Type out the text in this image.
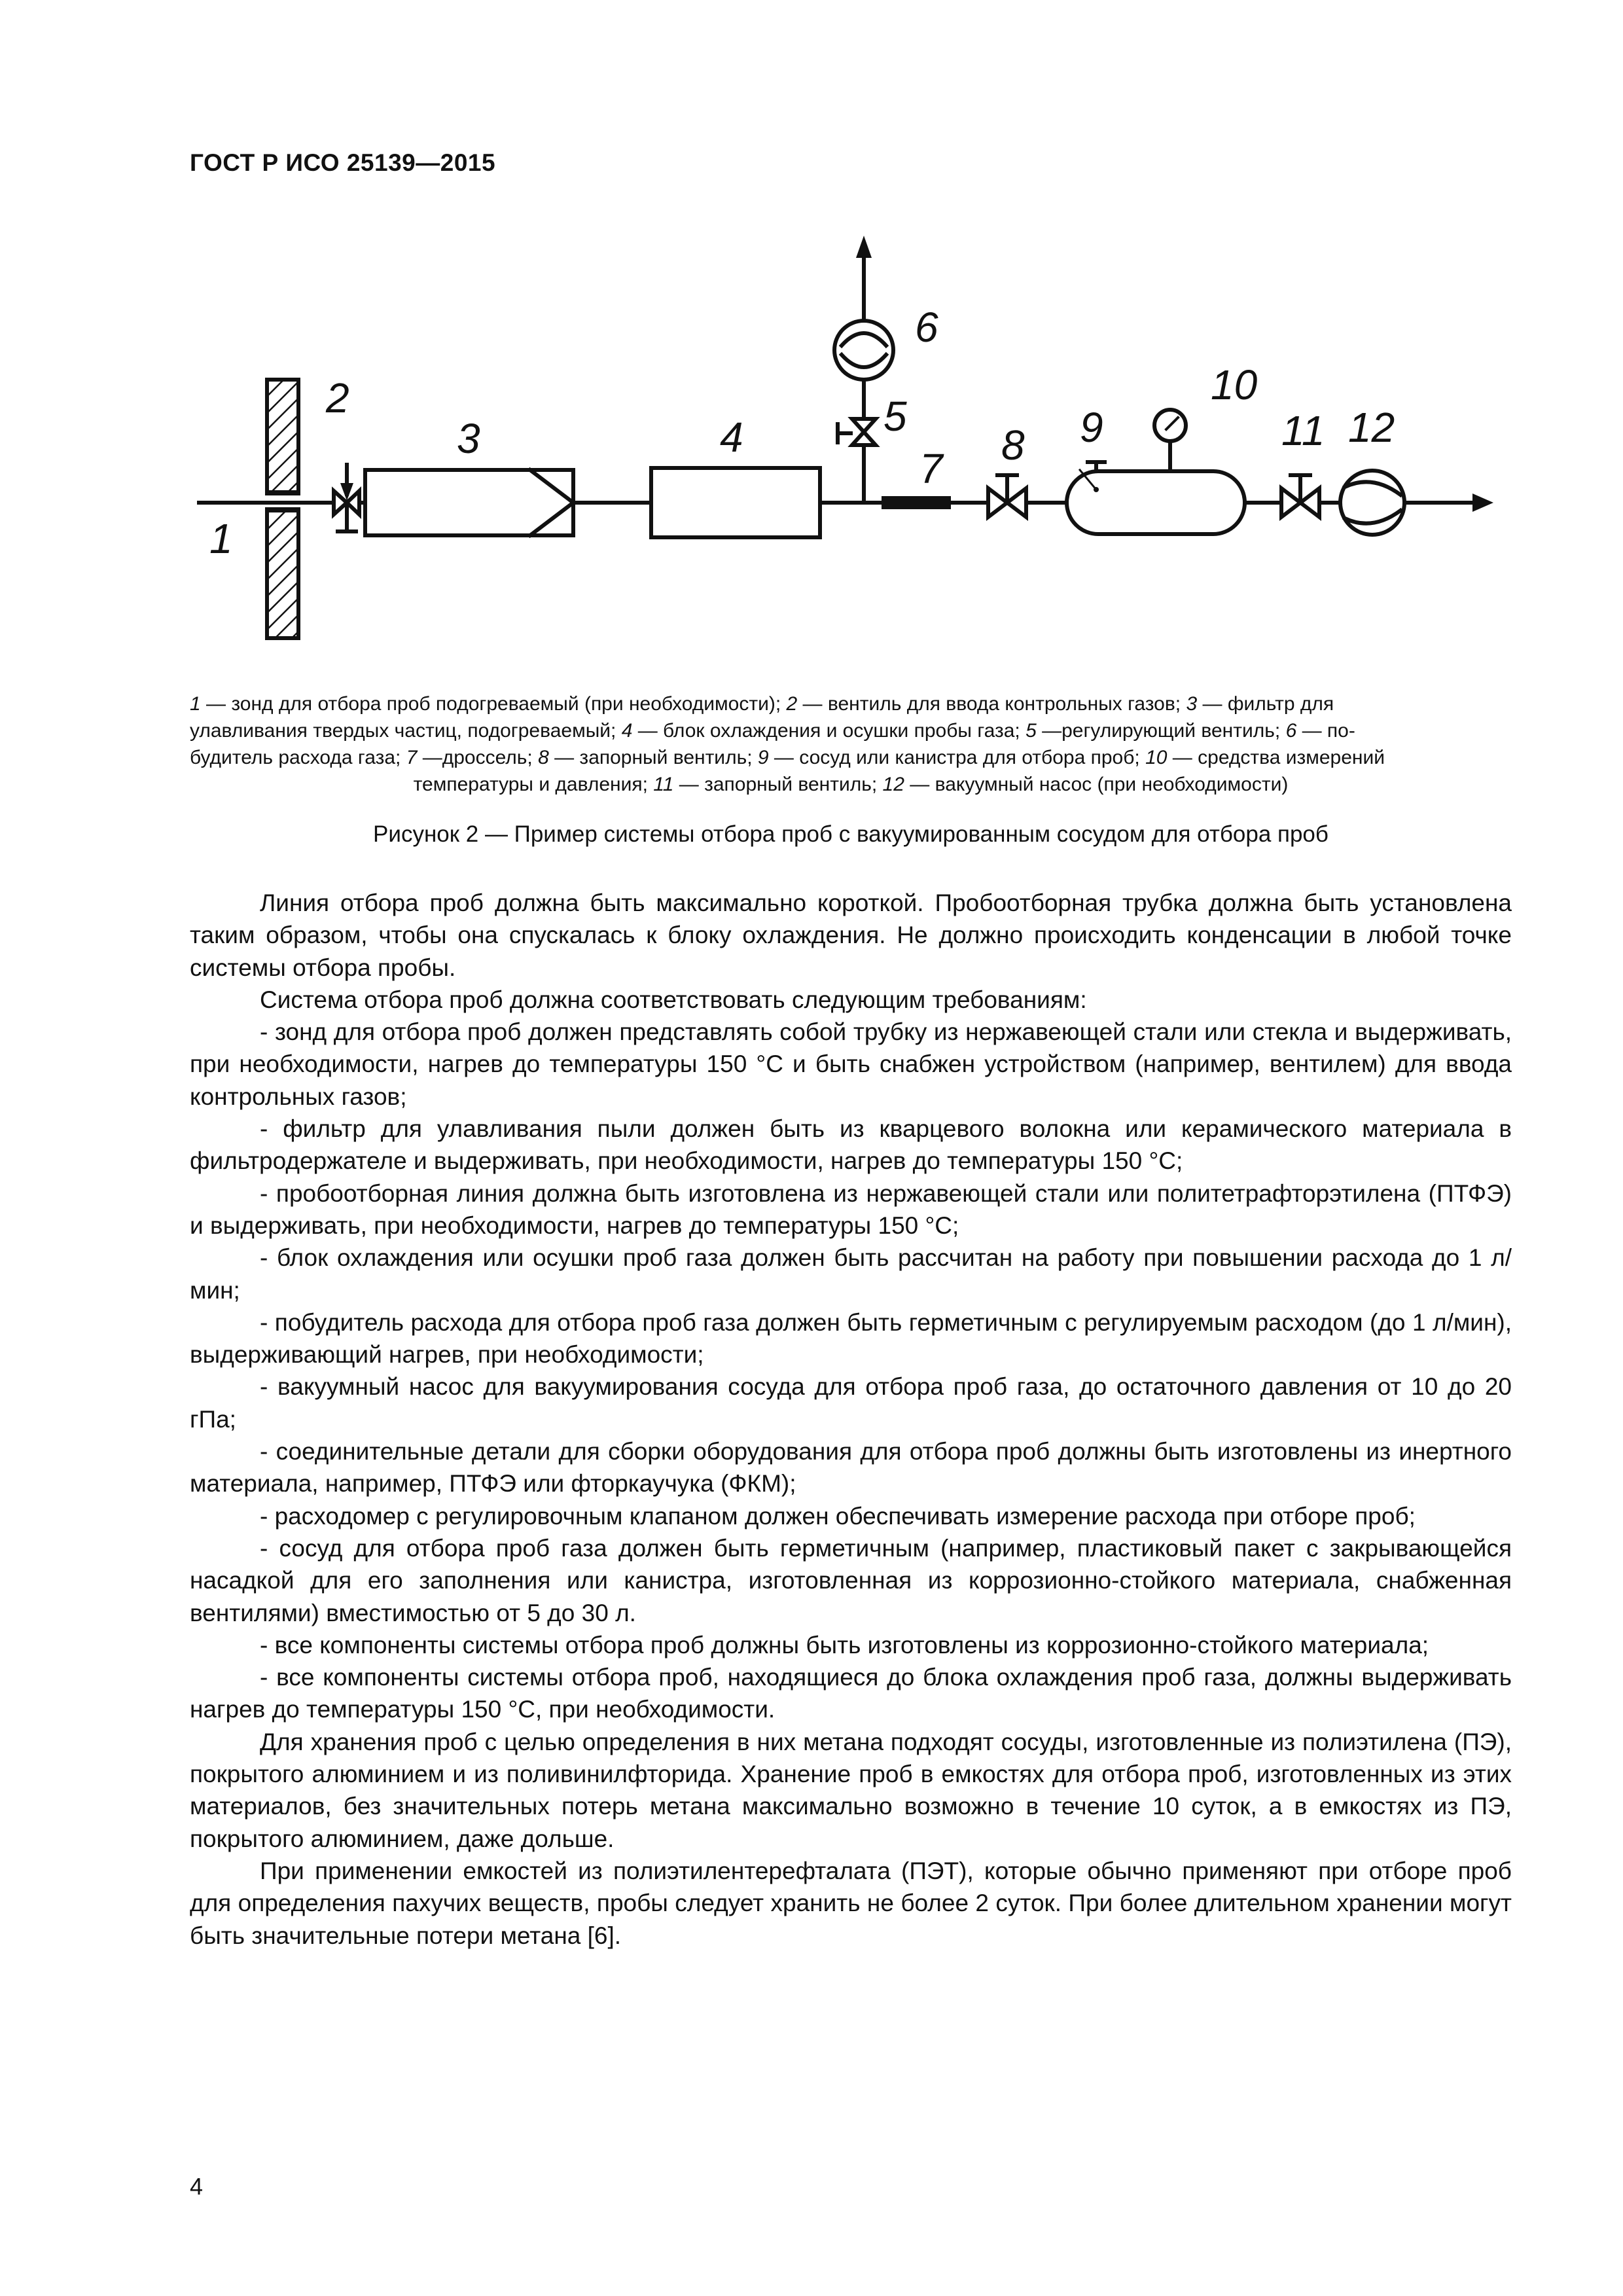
ГОСТ Р ИСО 25139—2015
1
2
3	4	5
6
7 8 9
10
11 12
1 — зонд для отбора проб подогреваемый (при необходимости); 2 — вентиль для ввода контрольных газов; 3 — фильтр для
улавливания твердых частиц, подогреваемый; 4 — блок охлаждения и осушки пробы газа; 5 —регулирующий вентиль; 6 — по-
будитель расхода газа; 7 —дроссель; 8 — запорный вентиль; 9 — сосуд или канистра для отбора проб; 10 — средства измерений
температуры и давления; 11 — запорный вентиль; 12 — вакуумный насос (при необходимости)
Рисунок 2 — Пример системы отбора проб с вакуумированным сосудом для отбора проб

Линия отбора проб должна быть максимально короткой. Пробоотборная трубка должна быть установлена таким образом, чтобы она спускалась к блоку охлаждения. Не должно происходить конденсации в любой точке системы отбора пробы.

Система отбора проб должна соответствовать следующим требованиям:

- зонд для отбора проб должен представлять собой трубку из нержавеющей стали или стекла и выдерживать, при необходимости, нагрев до температуры 150 °С и быть снабжен устройством (например, вентилем) для ввода контрольных газов;

- фильтр для улавливания пыли должен быть из кварцевого волокна или керамического материала в фильтродержателе и выдерживать, при необходимости, нагрев до температуры 150 °С;

- пробоотборная линия должна быть изготовлена из нержавеющей стали или политетрафторэтилена (ПТФЭ) и выдерживать, при необходимости, нагрев до температуры 150 °С;

- блок охлаждения или осушки проб газа должен быть рассчитан на работу при повышении расхода до 1 л/мин;

- побудитель расхода для отбора проб газа должен быть герметичным с регулируемым расходом (до 1 л/мин), выдерживающий нагрев, при необходимости;

- вакуумный насос для вакуумирования сосуда для отбора проб газа, до остаточного давления от 10 до 20 гПа;

- соединительные детали для сборки оборудования для отбора проб должны быть изготовлены из инертного материала, например, ПТФЭ или фторкаучука (ФКМ);

- расходомер с регулировочным клапаном должен обеспечивать измерение расхода при отборе проб;

- сосуд для отбора проб газа должен быть герметичным (например, пластиковый пакет с закрывающейся насадкой для его заполнения или канистра, изготовленная из коррозионно-стойкого материала, снабженная вентилями) вместимостью от 5 до 30 л.

- все компоненты системы отбора проб должны быть изготовлены из коррозионно-стойкого материала;

- все компоненты системы отбора проб, находящиеся до блока охлаждения проб газа, должны выдерживать нагрев до температуры 150 °С, при необходимости.

Для хранения проб с целью определения в них метана подходят сосуды, изготовленные из полиэтилена (ПЭ), покрытого алюминием и из поливинилфторида. Хранение проб в емкостях для отбора проб, изготовленных из этих материалов, без значительных потерь метана максимально возможно в течение 10 суток, а в емкостях из ПЭ, покрытого алюминием, даже дольше.

При применении емкостей из полиэтилентерефталата (ПЭТ), которые обычно применяют при отборе проб для определения пахучих веществ, пробы следует хранить не более 2 суток. При более длительном хранении могут быть значительные потери метана [6].

4
